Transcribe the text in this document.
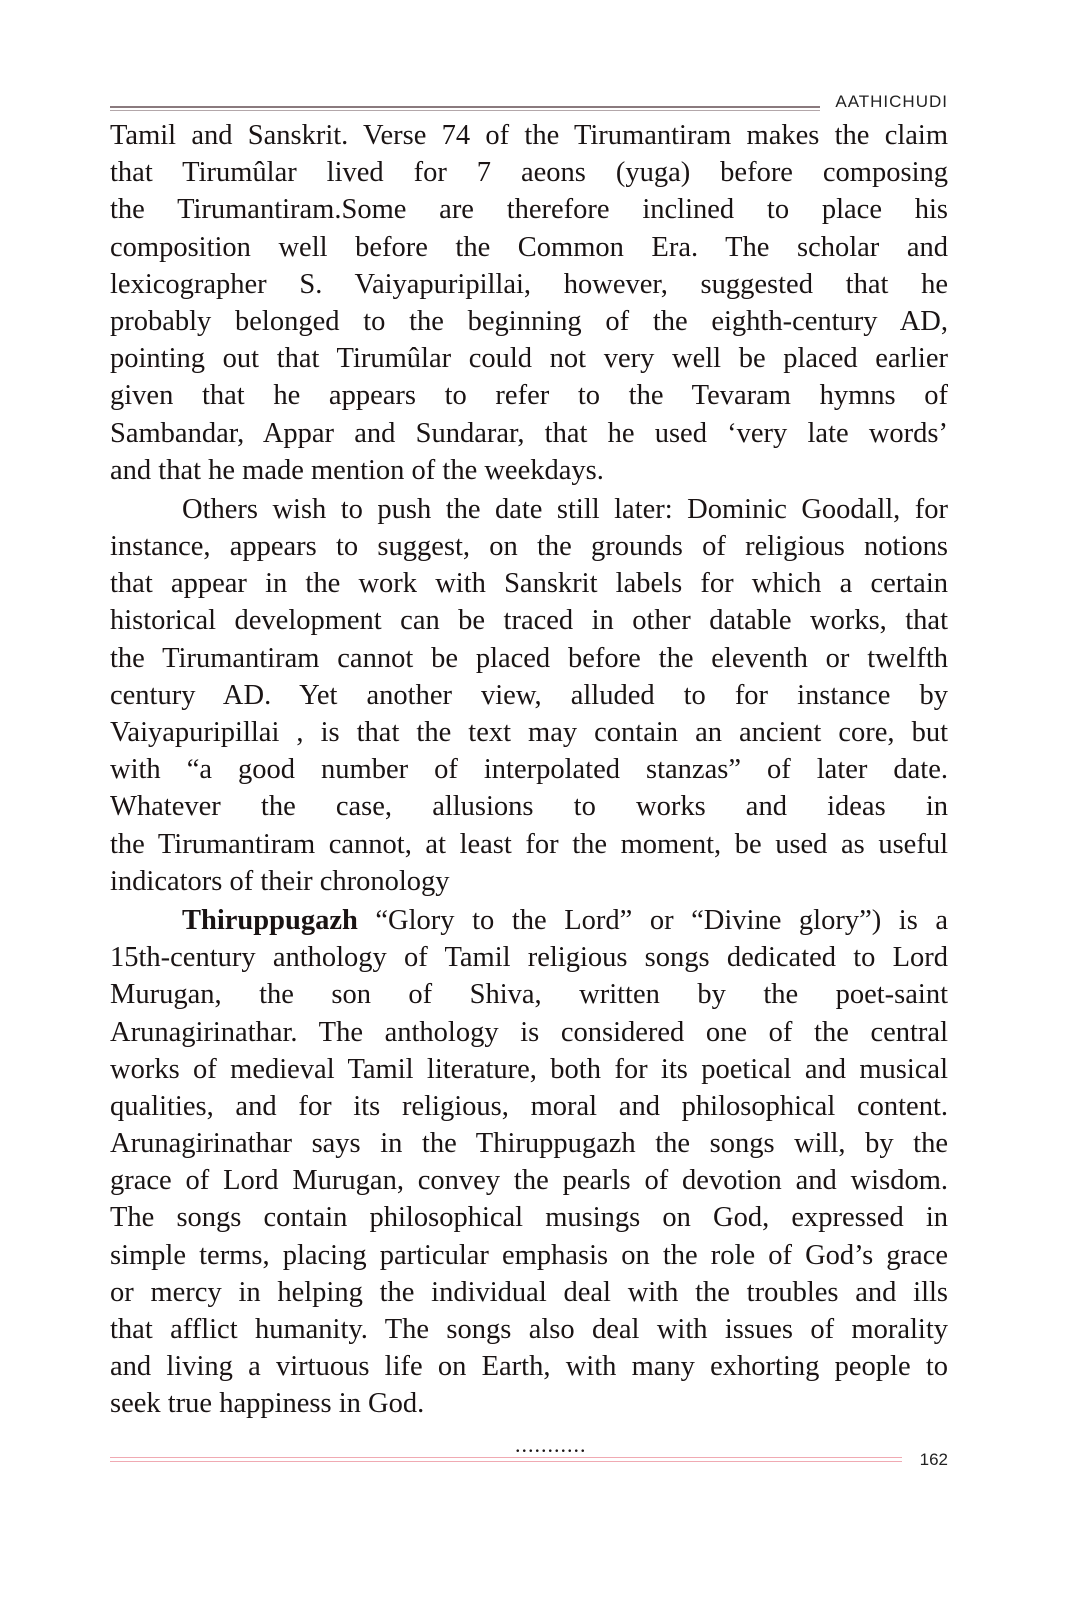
AATHICHUDI
Tamil and Sanskrit. Verse 74 of the Tirumantiram makes the claim
that Tirumûlar lived for 7 aeons (yuga) before composing
the Tirumantiram.Some are therefore inclined to place his
composition well before the Common Era. The scholar and
lexicographer S. Vaiyapuripillai, however, suggested that he
probably belonged to the beginning of the eighth-century AD,
pointing out that Tirumûlar could not very well be placed earlier
given that he appears to refer to the Tevaram hymns of
Sambandar, Appar and Sundarar, that he used ‘very late words’
and that he made mention of the weekdays.
Others wish to push the date still later: Dominic Goodall, for
instance, appears to suggest, on the grounds of religious notions
that appear in the work with Sanskrit labels for which a certain
historical development can be traced in other datable works, that
the Tirumantiram cannot be placed before the eleventh or twelfth
century AD. Yet another view, alluded to for instance by
Vaiyapuripillai , is that the text may contain an ancient core, but
with “a good number of interpolated stanzas” of later date.
Whatever the case, allusions to works and ideas in
the Tirumantiram cannot, at least for the moment, be used as useful
indicators of their chronology
Thiruppugazh “Glory to the Lord” or “Divine glory”) is a
15th-century anthology of Tamil religious songs dedicated to Lord
Murugan, the son of Shiva, written by the poet-saint
Arunagirinathar. The anthology is considered one of the central
works of medieval Tamil literature, both for its poetical and musical
qualities, and for its religious, moral and philosophical content.
Arunagirinathar says in the Thiruppugazh the songs will, by the
grace of Lord Murugan, convey the pearls of devotion and wisdom.
The songs contain philosophical musings on God, expressed in
simple terms, placing particular emphasis on the role of God’s grace
or mercy in helping the individual deal with the troubles and ills
that afflict humanity. The songs also deal with issues of morality
and living a virtuous life on Earth, with many exhorting people to
seek true happiness in God.
...........
162
